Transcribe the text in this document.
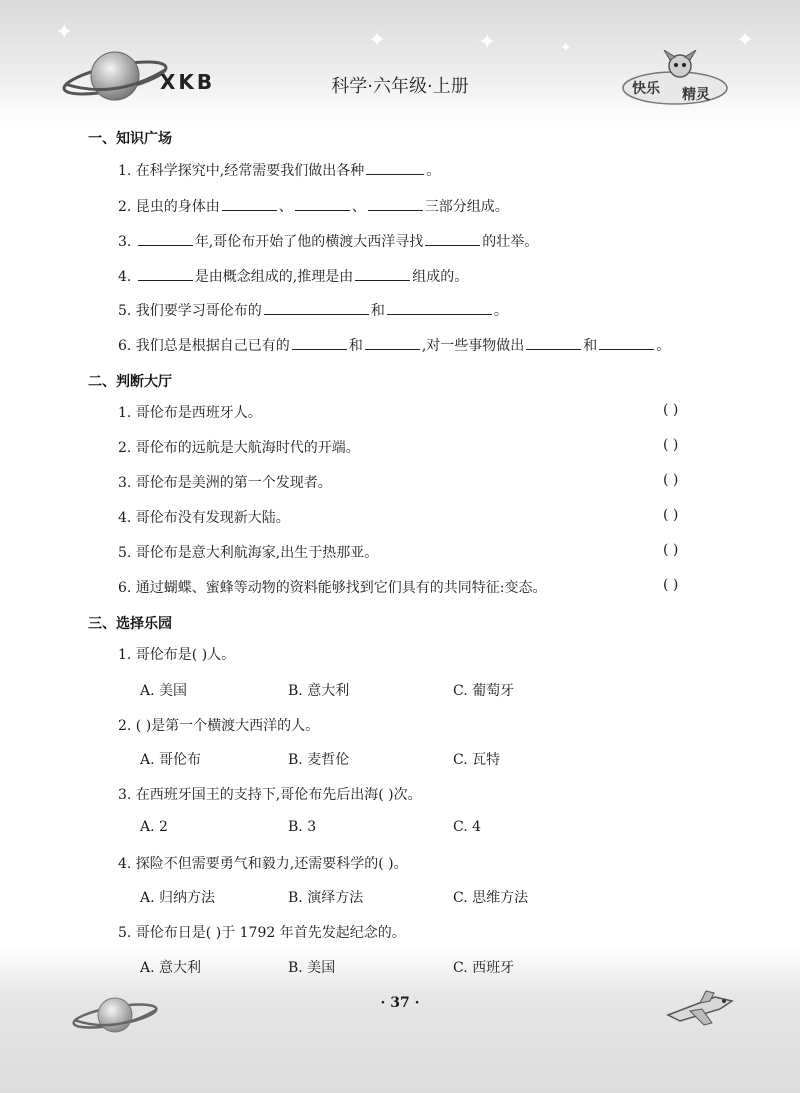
✦	✦	✦	✦
✦
XKB	科学·六年级·上册	快乐 精灵
一、知识广场
1. 在科学探究中,经常需要我们做出各种	。
2. 昆虫的身体由	、	、	三部分组成。
3.	年,哥伦布开始了他的横渡大西洋寻找	的壮举。
4.	是由概念组成的,推理是由	组成的。
5. 我们要学习哥伦布的	和	。
6. 我们总是根据自己已有的	和	,对一些事物做出	和	。
二、判断大厅
1. 哥伦布是西班牙人。	( )
2. 哥伦布的远航是大航海时代的开端。	( )
3. 哥伦布是美洲的第一个发现者。	( )
4. 哥伦布没有发现新大陆。	( )
5. 哥伦布是意大利航海家,出生于热那亚。	( )
6. 通过蝴蝶、蜜蜂等动物的资料能够找到它们具有的共同特征:变态。	( )
三、选择乐园
1. 哥伦布是( )人。
A. 美国	B. 意大利	C. 葡萄牙
2. ( )是第一个横渡大西洋的人。
A. 哥伦布	B. 麦哲伦	C. 瓦特
3. 在西班牙国王的支持下,哥伦布先后出海( )次。
A. 2	B. 3	C. 4
4. 探险不但需要勇气和毅力,还需要科学的( )。
A. 归纳方法	B. 演绎方法	C. 思维方法
5. 哥伦布日是( )于 1792 年首先发起纪念的。
A. 意大利	B. 美国	C. 西班牙
· 37 ·
